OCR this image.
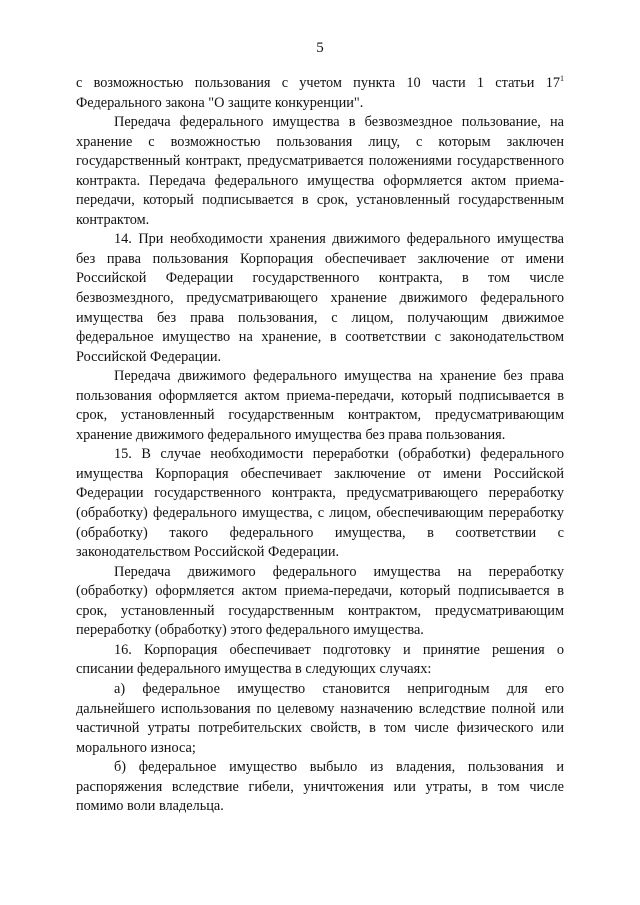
5

с возможностью пользования с учетом пункта 10 части 1 статьи $17^1$ Федерального закона "О защите конкуренции".

Передача федерального имущества в безвозмездное пользование, на хранение с возможностью пользования лицу, с которым заключен государственный контракт, предусматривается положениями государственного контракта. Передача федерального имущества оформляется актом приема-передачи, который подписывается в срок, установленный государственным контрактом.

14. При необходимости хранения движимого федерального имущества без права пользования Корпорация обеспечивает заключение от имени Российской Федерации государственного контракта, в том числе безвозмездного, предусматривающего хранение движимого федерального имущества без права пользования, с лицом, получающим движимое федеральное имущество на хранение, в соответствии с законодательством Российской Федерации.

Передача движимого федерального имущества на хранение без права пользования оформляется актом приема-передачи, который подписывается в срок, установленный государственным контрактом, предусматривающим хранение движимого федерального имущества без права пользования.

15. В случае необходимости переработки (обработки) федерального имущества Корпорация обеспечивает заключение от имени Российской Федерации государственного контракта, предусматривающего переработку (обработку) федерального имущества, с лицом, обеспечивающим переработку (обработку) такого федерального имущества, в соответствии с законодательством Российской Федерации.

Передача движимого федерального имущества на переработку (обработку) оформляется актом приема-передачи, который подписывается в срок, установленный государственным контрактом, предусматривающим переработку (обработку) этого федерального имущества.

16. Корпорация обеспечивает подготовку и принятие решения о списании федерального имущества в следующих случаях:

а) федеральное имущество становится непригодным для его дальнейшего использования по целевому назначению вследствие полной или частичной утраты потребительских свойств, в том числе физического или морального износа;

б) федеральное имущество выбыло из владения, пользования и распоряжения вследствие гибели, уничтожения или утраты, в том числе помимо воли владельца.
